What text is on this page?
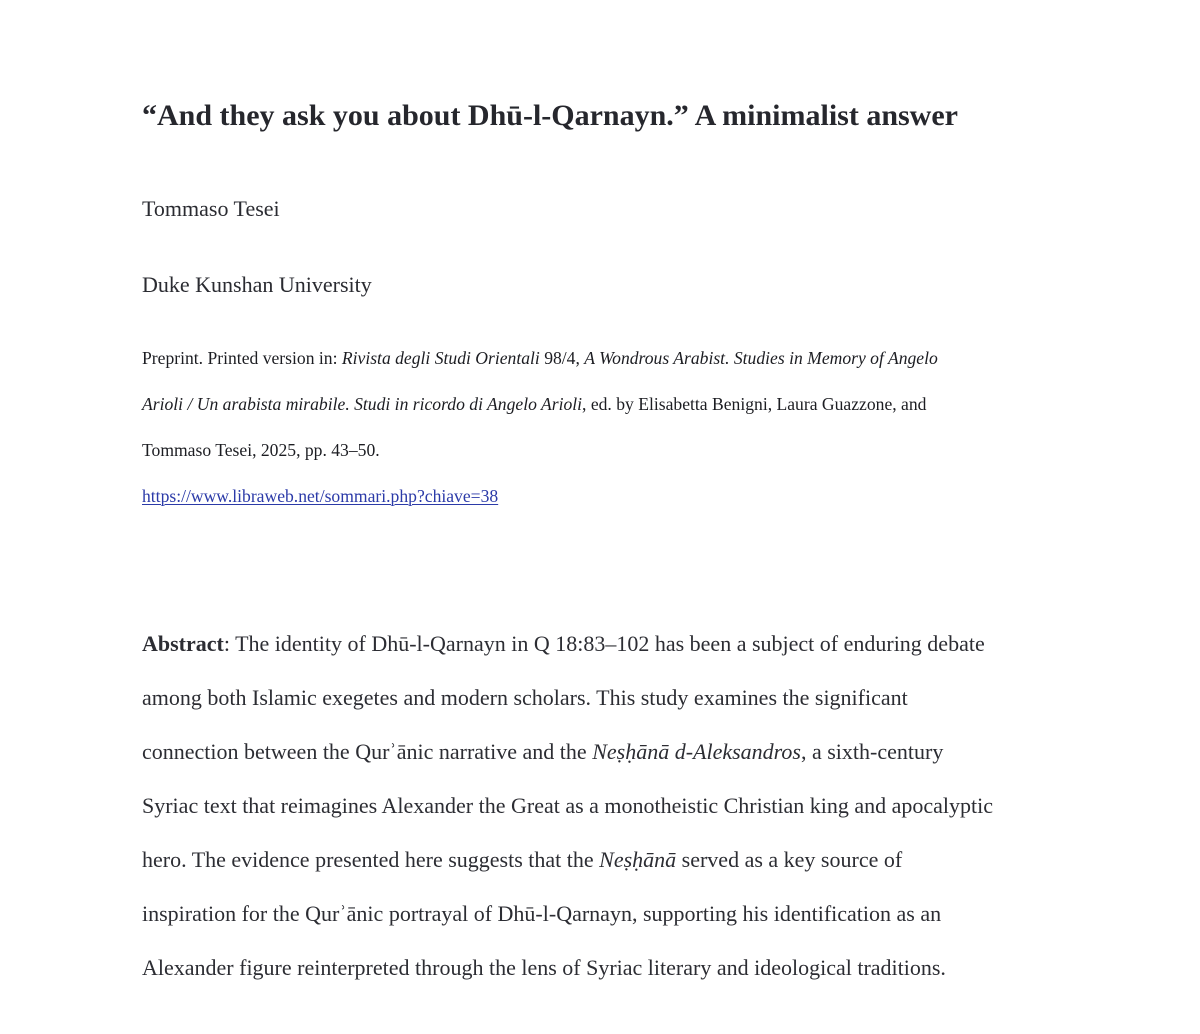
“And they ask you about Dhū-l-Qarnayn.” A minimalist answer

Tommaso Tesei

Duke Kunshan University

Preprint. Printed version in: Rivista degli Studi Orientali 98/4, A Wondrous Arabist. Studies in Memory of Angelo
Arioli / Un arabista mirabile. Studi in ricordo di Angelo Arioli, ed. by Elisabetta Benigni, Laura Guazzone, and
Tommaso Tesei, 2025, pp. 43–50.
https://www.libraweb.net/sommari.php?chiave=38
Abstract: The identity of Dhū-l-Qarnayn in Q 18:83–102 has been a subject of enduring debate
among both Islamic exegetes and modern scholars. This study examines the significant
connection between the Qurʾānic narrative and the Neṣḥānā d-Aleksandros, a sixth-century
Syriac text that reimagines Alexander the Great as a monotheistic Christian king and apocalyptic
hero. The evidence presented here suggests that the Neṣḥānā served as a key source of
inspiration for the Qurʾānic portrayal of Dhū-l-Qarnayn, supporting his identification as an
Alexander figure reinterpreted through the lens of Syriac literary and ideological traditions.
